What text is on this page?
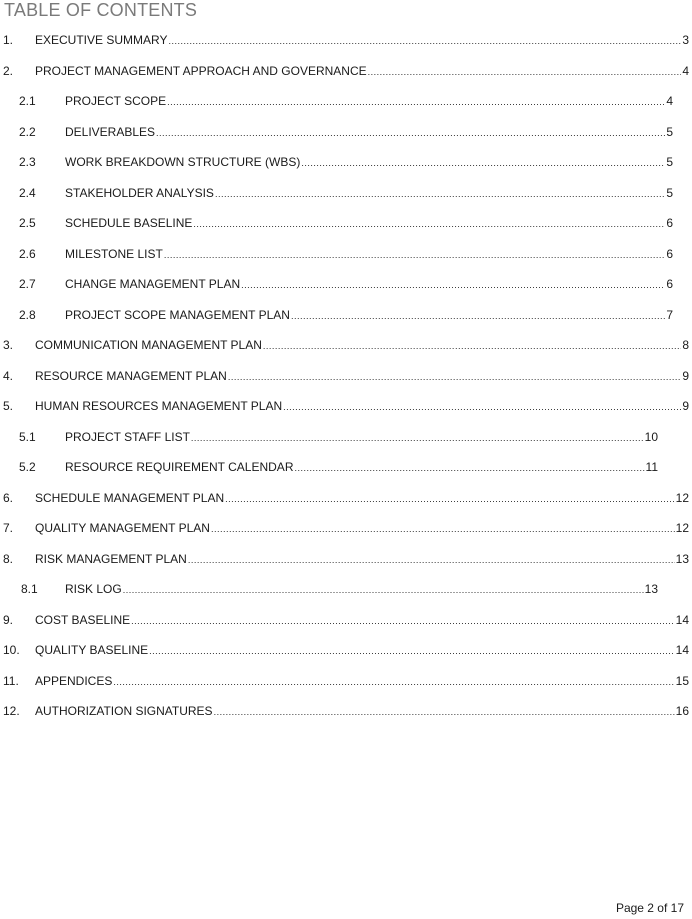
TABLE OF CONTENTS
1.	EXECUTIVE SUMMARY .....	3
2.	PROJECT MANAGEMENT APPROACH AND GOVERNANCE .....	4
2.1	PROJECT SCOPE .....	4
2.2	DELIVERABLES .....	5
2.3	WORK BREAKDOWN STRUCTURE (WBS) .....	5
2.4	STAKEHOLDER ANALYSIS .....	5
2.5	SCHEDULE BASELINE .....	6
2.6	MILESTONE LIST .....	6
2.7	CHANGE MANAGEMENT PLAN .....	6
2.8	PROJECT SCOPE MANAGEMENT PLAN .....	7
3.	COMMUNICATION MANAGEMENT PLAN .....	8
4.	RESOURCE MANAGEMENT PLAN .....	9
5.	HUMAN RESOURCES MANAGEMENT PLAN .....	9
5.1	PROJECT STAFF LIST .....	10
5.2	RESOURCE REQUIREMENT CALENDAR .....	11
6.	SCHEDULE MANAGEMENT PLAN .....	12
7.	QUALITY MANAGEMENT PLAN .....	12
8.	RISK MANAGEMENT PLAN .....	13
8.1	RISK LOG .....	13
9.	COST BASELINE .....	14
10.	QUALITY BASELINE .....	14
11.	APPENDICES .....	15
12.	AUTHORIZATION SIGNATURES .....	16
Page 2 of 17
